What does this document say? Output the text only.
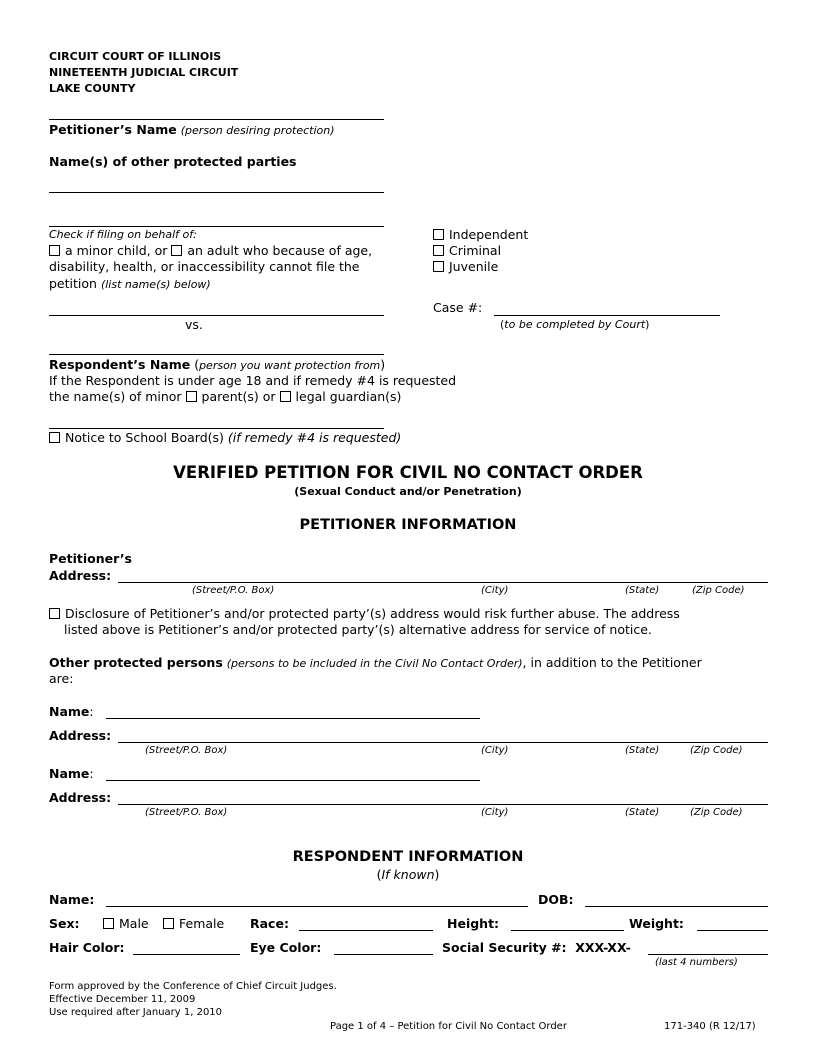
CIRCUIT COURT OF ILLINOIS
NINETEENTH JUDICIAL CIRCUIT
LAKE COUNTY
Petitioner’s Name (person desiring protection)
Name(s) of other protected parties
Check if filing on behalf of:
a minor child, or an adult who because of age,
disability, health, or inaccessibility cannot file the
petition (list name(s) below)
Independent
Criminal
Juvenile
Case #:
vs.	(to be completed by Court)
Respondent’s Name (person you want protection from)
If the Respondent is under age 18 and if remedy #4 is requested
the name(s) of minor parent(s) or legal guardian(s)
Notice to School Board(s) (if remedy #4 is requested)
VERIFIED PETITION FOR CIVIL NO CONTACT ORDER
(Sexual Conduct and/or Penetration)
PETITIONER INFORMATION
Petitioner’s
Address:
(Street/P.O. Box)	(City)	(State)	(Zip Code)
Disclosure of Petitioner’s and/or protected party’(s) address would risk further abuse. The address
listed above is Petitioner’s and/or protected party’(s) alternative address for service of notice.
Other protected persons (persons to be included in the Civil No Contact Order), in addition to the Petitioner
are:
Name:
Address:
(Street/P.O. Box)	(City)	(State)	(Zip Code)
Name:
Address:
(Street/P.O. Box)	(City)	(State)	(Zip Code)
RESPONDENT INFORMATION
(If known)
Name:	DOB:
Sex:	Male	Female Race:	Height:	Weight:
Hair Color:	Eye Color:	Social Security #:  XXX-XX-
(last 4 numbers)
Form approved by the Conference of Chief Circuit Judges.
Effective December 11, 2009
Use required after January 1, 2010
Page 1 of 4 – Petition for Civil No Contact Order	171-340 (R 12/17)
